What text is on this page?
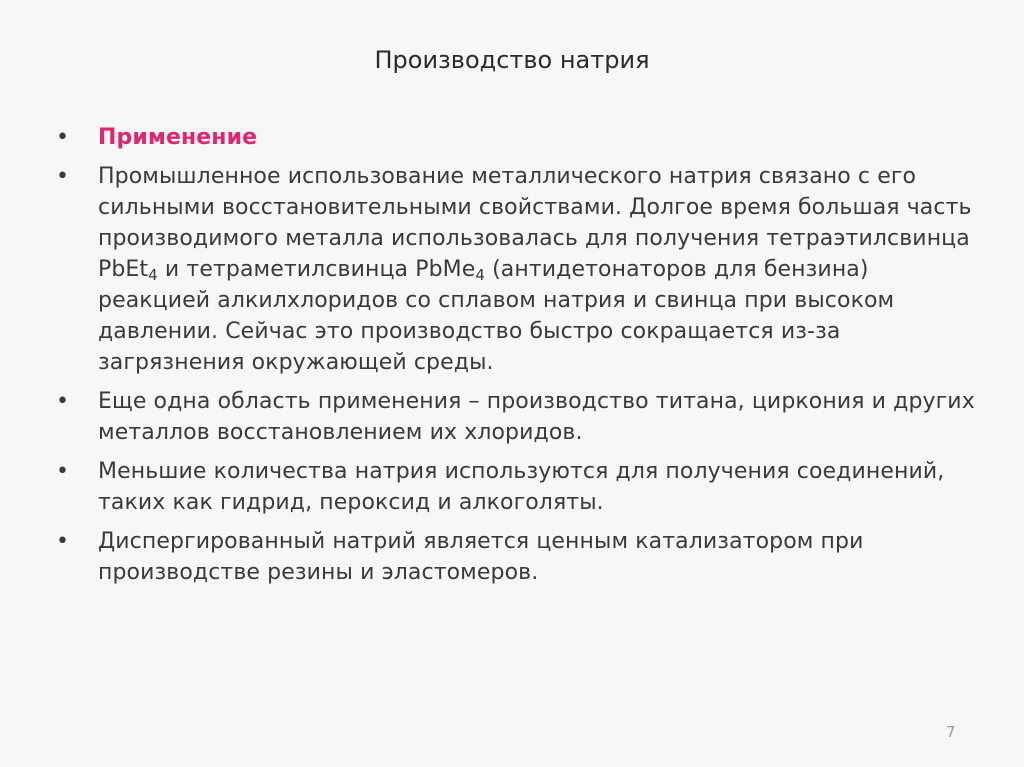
Производство натрия
• Применение
• Промышленное использование металлического натрия связано с его сильными восстановительными свойствами. Долгое время большая часть производимого металла использовалась для получения тетраэтилсвинца PbEt$_4$ и тетраметилсвинца PbMe$_4$ (антидетонаторов для бензина) реакцией алкилхлоридов со сплавом натрия и свинца при высоком давлении. Сейчас это производство быстро сокращается из-за загрязнения окружающей среды.
• Еще одна область применения – производство титана, циркония и других металлов восстановлением их хлоридов.
• Меньшие количества натрия используются для получения соединений, таких как гидрид, пероксид и алкоголяты.
• Диспергированный натрий является ценным катализатором при производстве резины и эластомеров.
7
